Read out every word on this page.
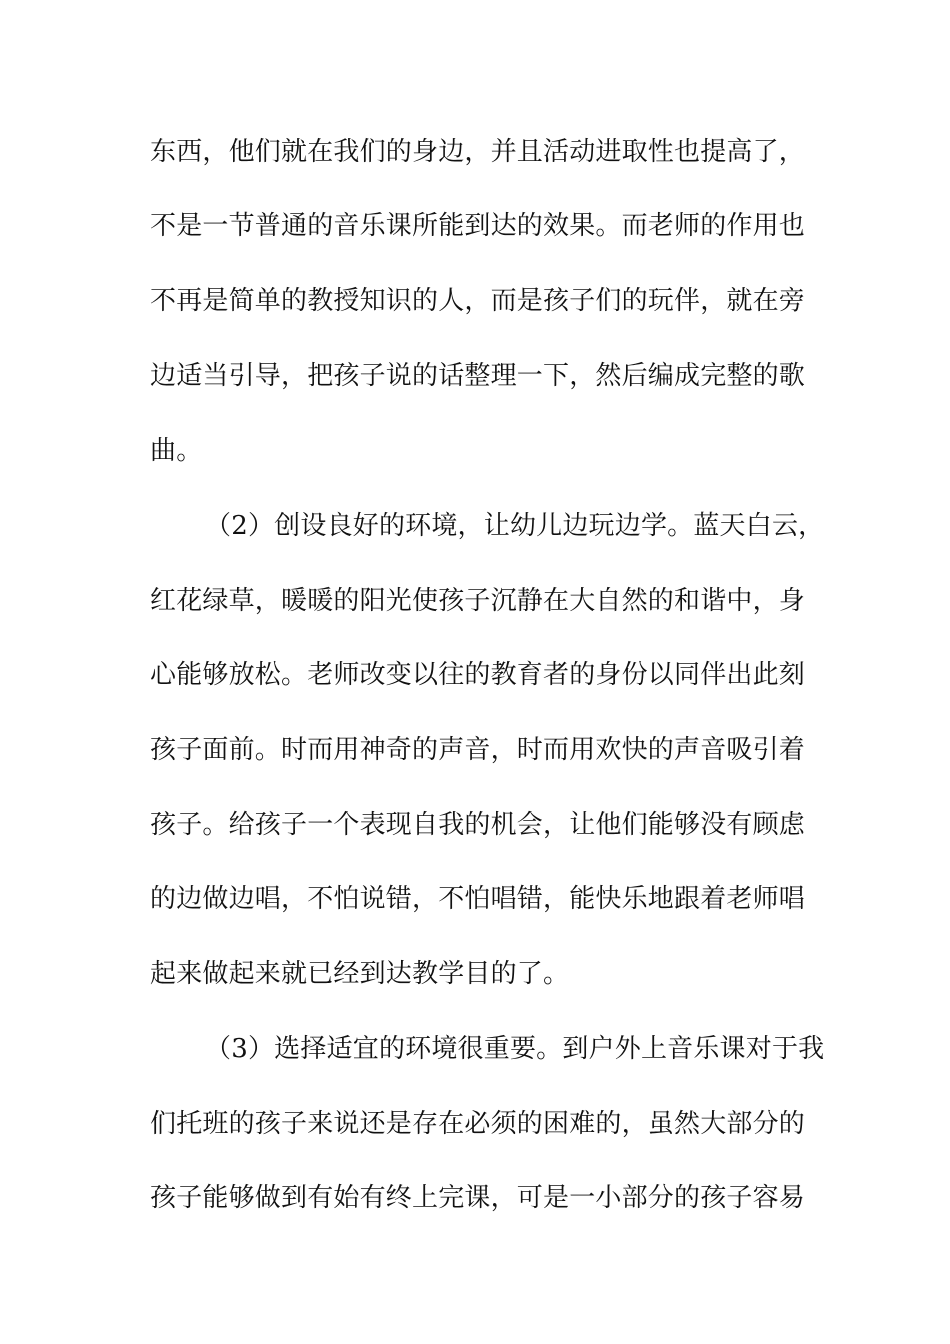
东西，他们就在我们的身边，并且活动进取性也提高了，
不是一节普通的音乐课所能到达的效果。而老师的作用也
不再是简单的教授知识的人，而是孩子们的玩伴，就在旁
边适当引导，把孩子说的话整理一下，然后编成完整的歌
曲。
（2）创设良好的环境，让幼儿边玩边学。蓝天白云，
红花绿草，暖暖的阳光使孩子沉静在大自然的和谐中，身
心能够放松。老师改变以往的教育者的身份以同伴出此刻
孩子面前。时而用神奇的声音，时而用欢快的声音吸引着
孩子。给孩子一个表现自我的机会，让他们能够没有顾虑
的边做边唱，不怕说错，不怕唱错，能快乐地跟着老师唱
起来做起来就已经到达教学目的了。
（3）选择适宜的环境很重要。到户外上音乐课对于我
们托班的孩子来说还是存在必须的困难的，虽然大部分的
孩子能够做到有始有终上完课，可是一小部分的孩子容易
